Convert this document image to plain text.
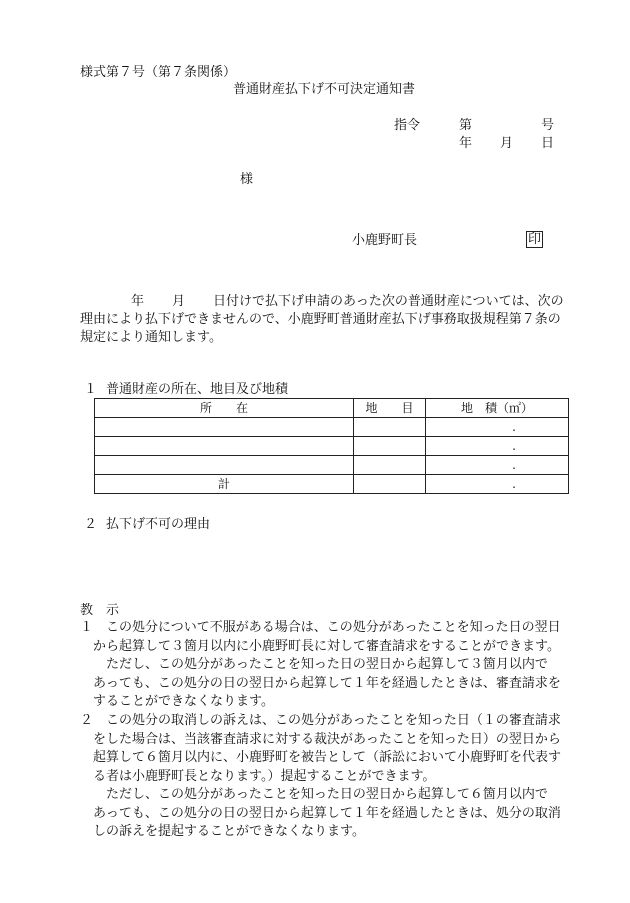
様式第７号（第７条関係）
普通財産払下げ不可決定通知書
指令	第	号
年 月 日
様
小鹿野町長	印
年 月 日付けで払下げ申請のあった次の普通財産については、次の
理由により払下げできませんので、小鹿野町普通財産払下げ事務取扱規程第７条の
規定により通知します。
１ 普通財産の所在、地目及び地積
所　　在	地　　目	地　積（㎡）
		.
		.
		.
計		.
２ 払下げ不可の理由
教　示

１　この処分について不服がある場合は、この処分があったことを知った日の翌日

　から起算して３箇月以内に小鹿野町長に対して審査請求をすることができます。

　　ただし、この処分があったことを知った日の翌日から起算して３箇月以内で

　あっても、この処分の日の翌日から起算して１年を経過したときは、審査請求を

　することができなくなります。

２　この処分の取消しの訴えは、この処分があったことを知った日（１の審査請求

　をした場合は、当該審査請求に対する裁決があったことを知った日）の翌日から

　起算して６箇月以内に、小鹿野町を被告として（訴訟において小鹿野町を代表す

　る者は小鹿野町長となります。）提起することができます。

　　ただし、この処分があったことを知った日の翌日から起算して６箇月以内で

　あっても、この処分の日の翌日から起算して１年を経過したときは、処分の取消

　しの訴えを提起することができなくなります。
